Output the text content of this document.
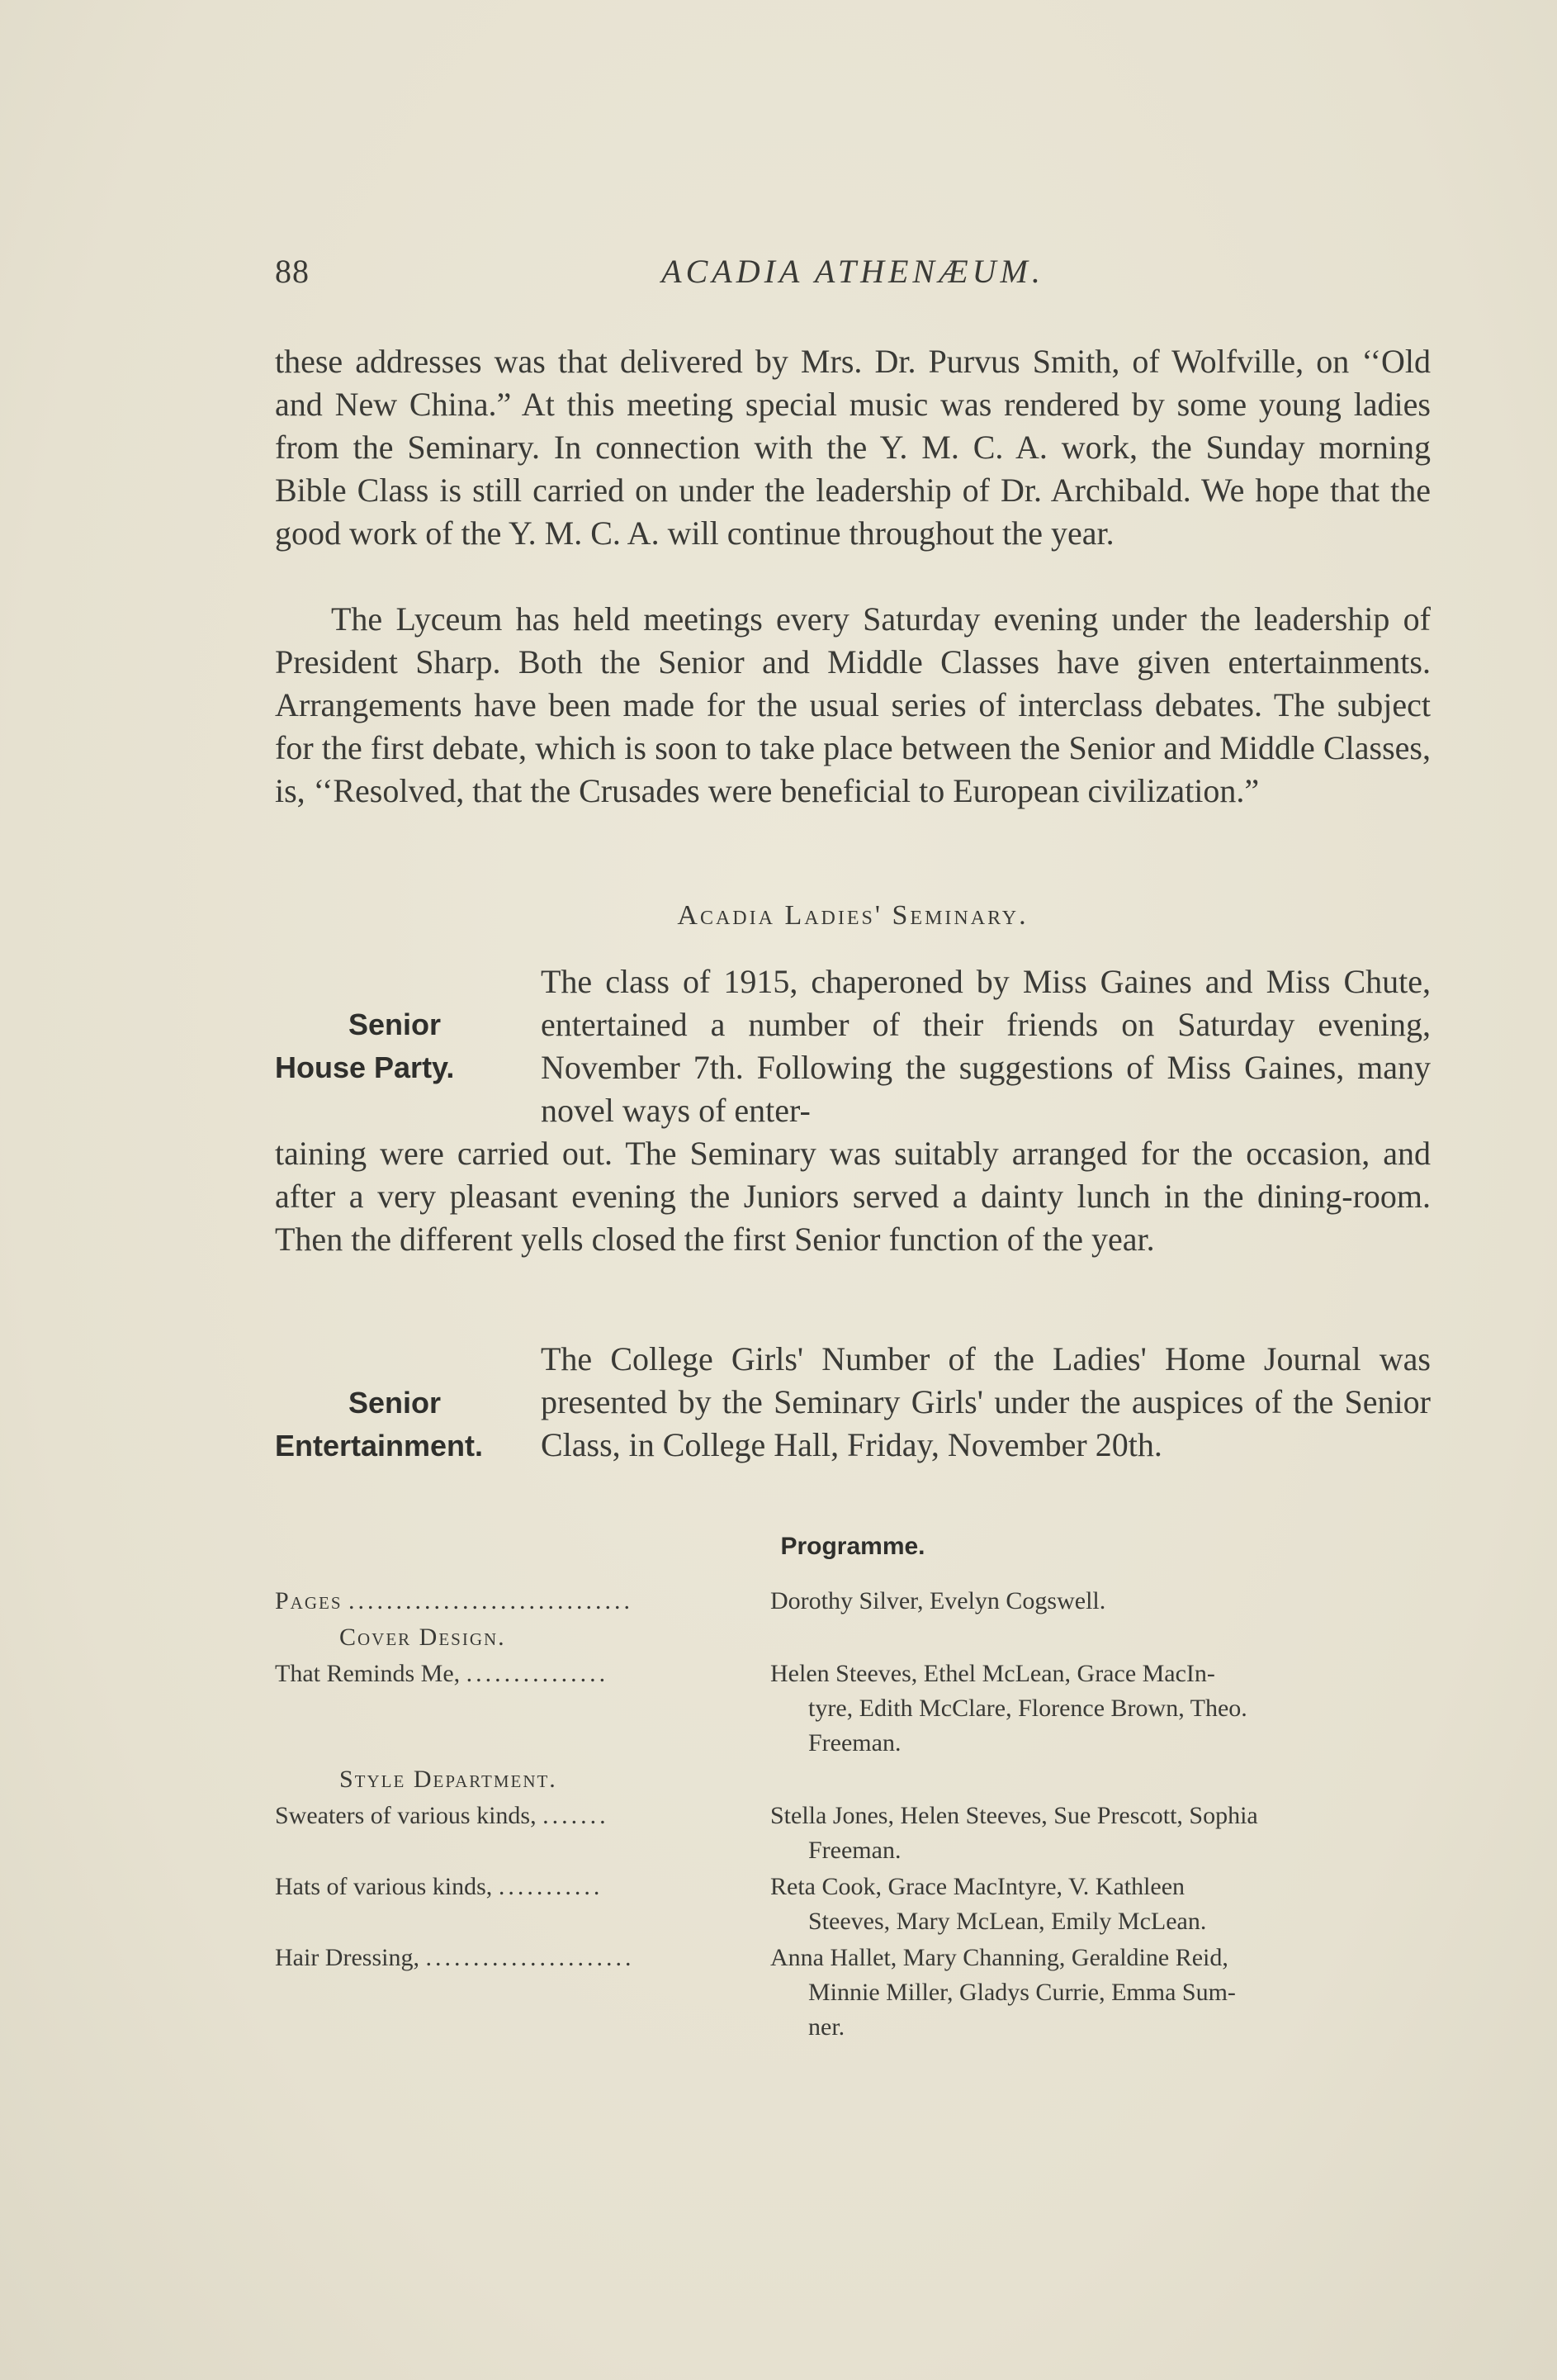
88	ACADIA ATHENÆUM.

these addresses was that delivered by Mrs. Dr. Purvus Smith, of Wolfville, on ‘‘Old and New China.” At this meeting special music was rendered by some young ladies from the Seminary. In connection with the Y. M. C. A. work, the Sunday morning Bible Class is still carried on under the leadership of Dr. Archibald. We hope that the good work of the Y. M. C. A. will continue throughout the year.

The Lyceum has held meetings every Saturday evening under the leadership of President Sharp. Both the Senior and Middle Classes have given entertainments. Arrangements have been made for the usual series of interclass debates. The subject for the first debate, which is soon to take place between the Senior and Middle Classes, is, ‘‘Resolved, that the Crusades were beneficial to European civilization.”

Acadia Ladies' Seminary.
Senior
House Party.
The class of 1915, chaperoned by Miss Gaines and Miss Chute, entertained a number of their friends on Saturday evening, November 7th. Following the suggestions of Miss Gaines, many novel ways of enter-
taining were carried out. The Seminary was suitably arranged for the occasion, and after a very pleasant evening the Juniors served a dainty lunch in the dining-room. Then the different yells closed the first Senior function of the year.
Senior
Entertainment.
The College Girls' Number of the Ladies' Home Journal was presented by the Seminary Girls' under the auspices of the Senior Class, in College Hall, Friday, November 20th.
Programme.
Pages ..............................	Dorothy Silver, Evelyn Cogswell.
Cover Design.
That Reminds Me, ...............	Helen Steeves, Ethel McLean, Grace MacIn-
tyre, Edith McClare, Florence Brown, Theo.
Freeman.
Style Department.
Sweaters of various kinds, .......	Stella Jones, Helen Steeves, Sue Prescott, Sophia
Freeman.
Hats of various kinds, ...........	Reta Cook, Grace MacIntyre, V. Kathleen
Steeves, Mary McLean, Emily McLean.
Hair Dressing, ......................	Anna Hallet, Mary Channing, Geraldine Reid,
Minnie Miller, Gladys Currie, Emma Sum-
ner.
